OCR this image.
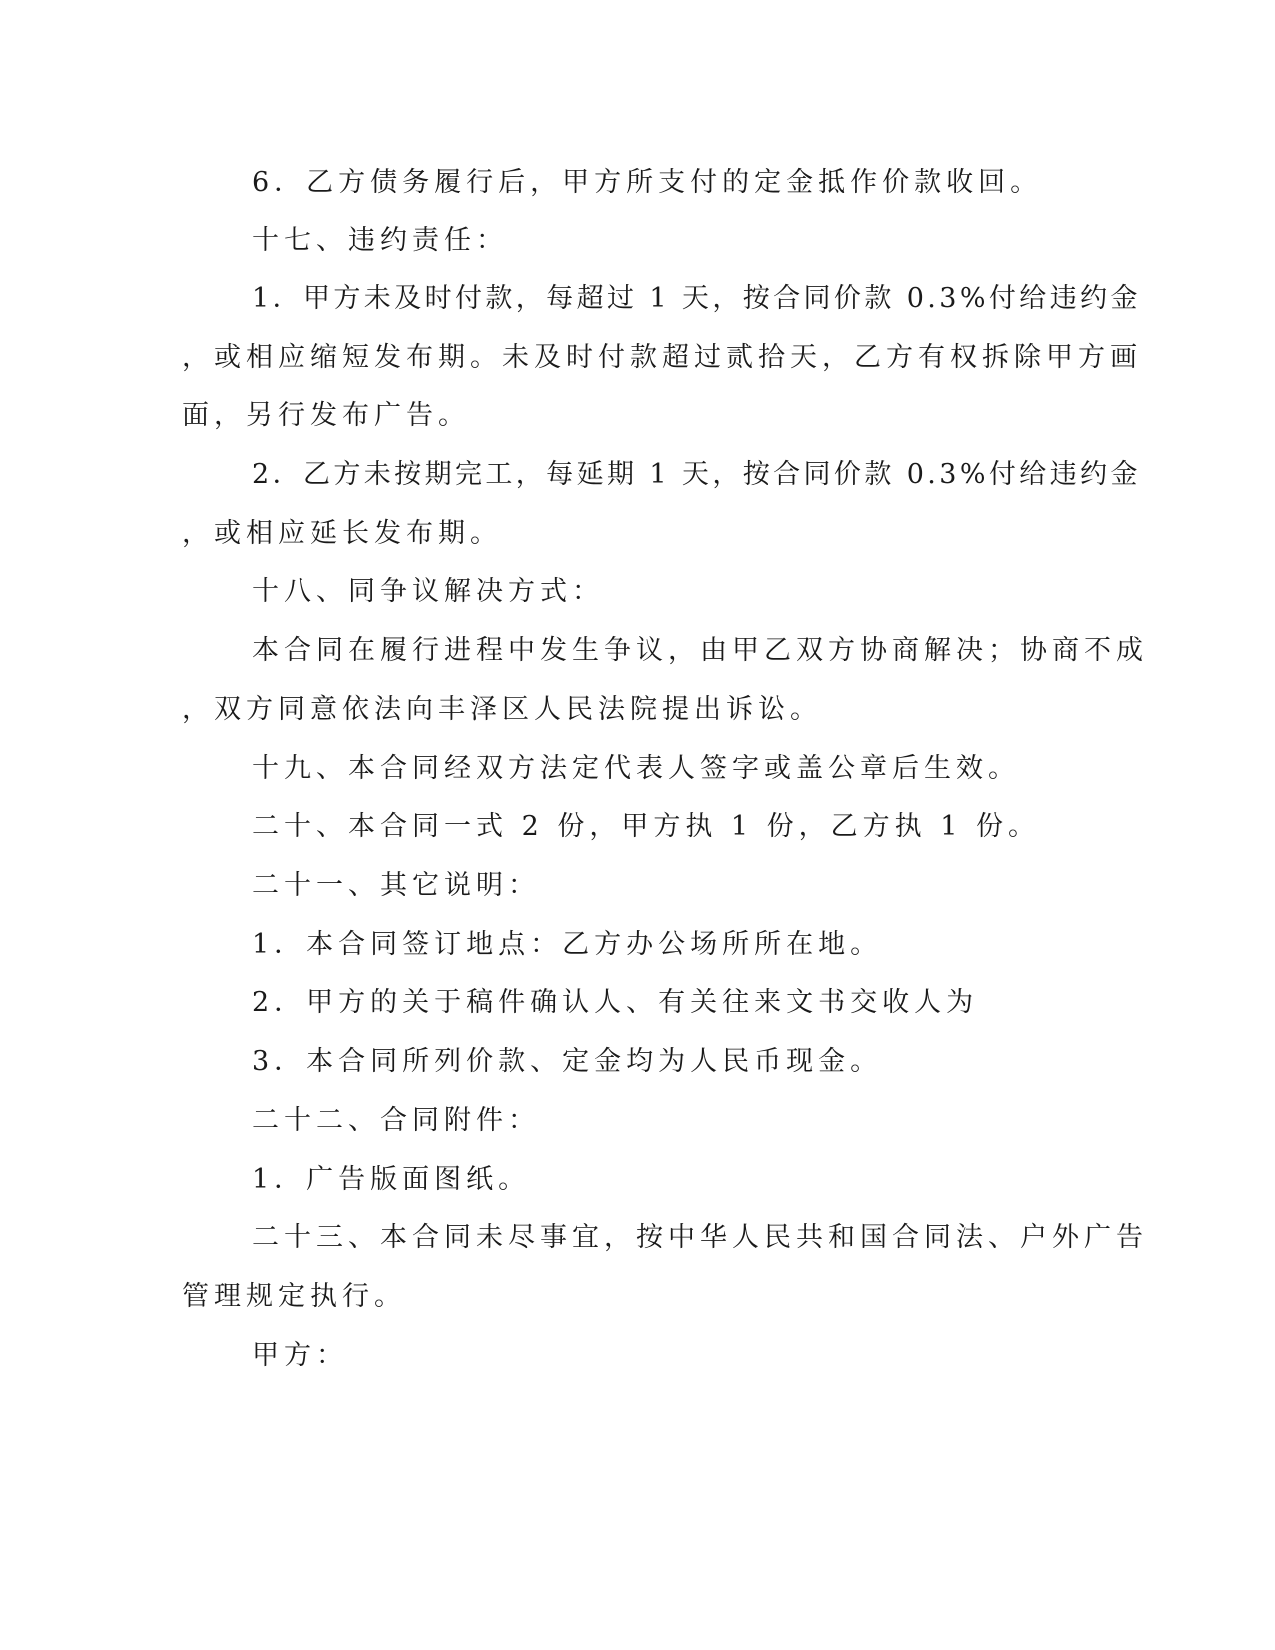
6．乙方债务履行后，甲方所支付的定金抵作价款收回。
十七、违约责任：
1．甲方未及时付款，每超过 1 天，按合同价款 0.3%付给违约金
，或相应缩短发布期。未及时付款超过贰拾天，乙方有权拆除甲方画
面，另行发布广告。
2．乙方未按期完工，每延期 1 天，按合同价款 0.3%付给违约金
，或相应延长发布期。
十八、同争议解决方式：
本合同在履行进程中发生争议，由甲乙双方协商解决；协商不成
，双方同意依法向丰泽区人民法院提出诉讼。
十九、本合同经双方法定代表人签字或盖公章后生效。
二十、本合同一式 2 份，甲方执 1 份，乙方执 1 份。
二十一、其它说明：
1．本合同签订地点：乙方办公场所所在地。
2．甲方的关于稿件确认人、有关往来文书交收人为
3．本合同所列价款、定金均为人民币现金。
二十二、合同附件：
1．广告版面图纸。
二十三、本合同未尽事宜，按中华人民共和国合同法、户外广告
管理规定执行。
甲方：
